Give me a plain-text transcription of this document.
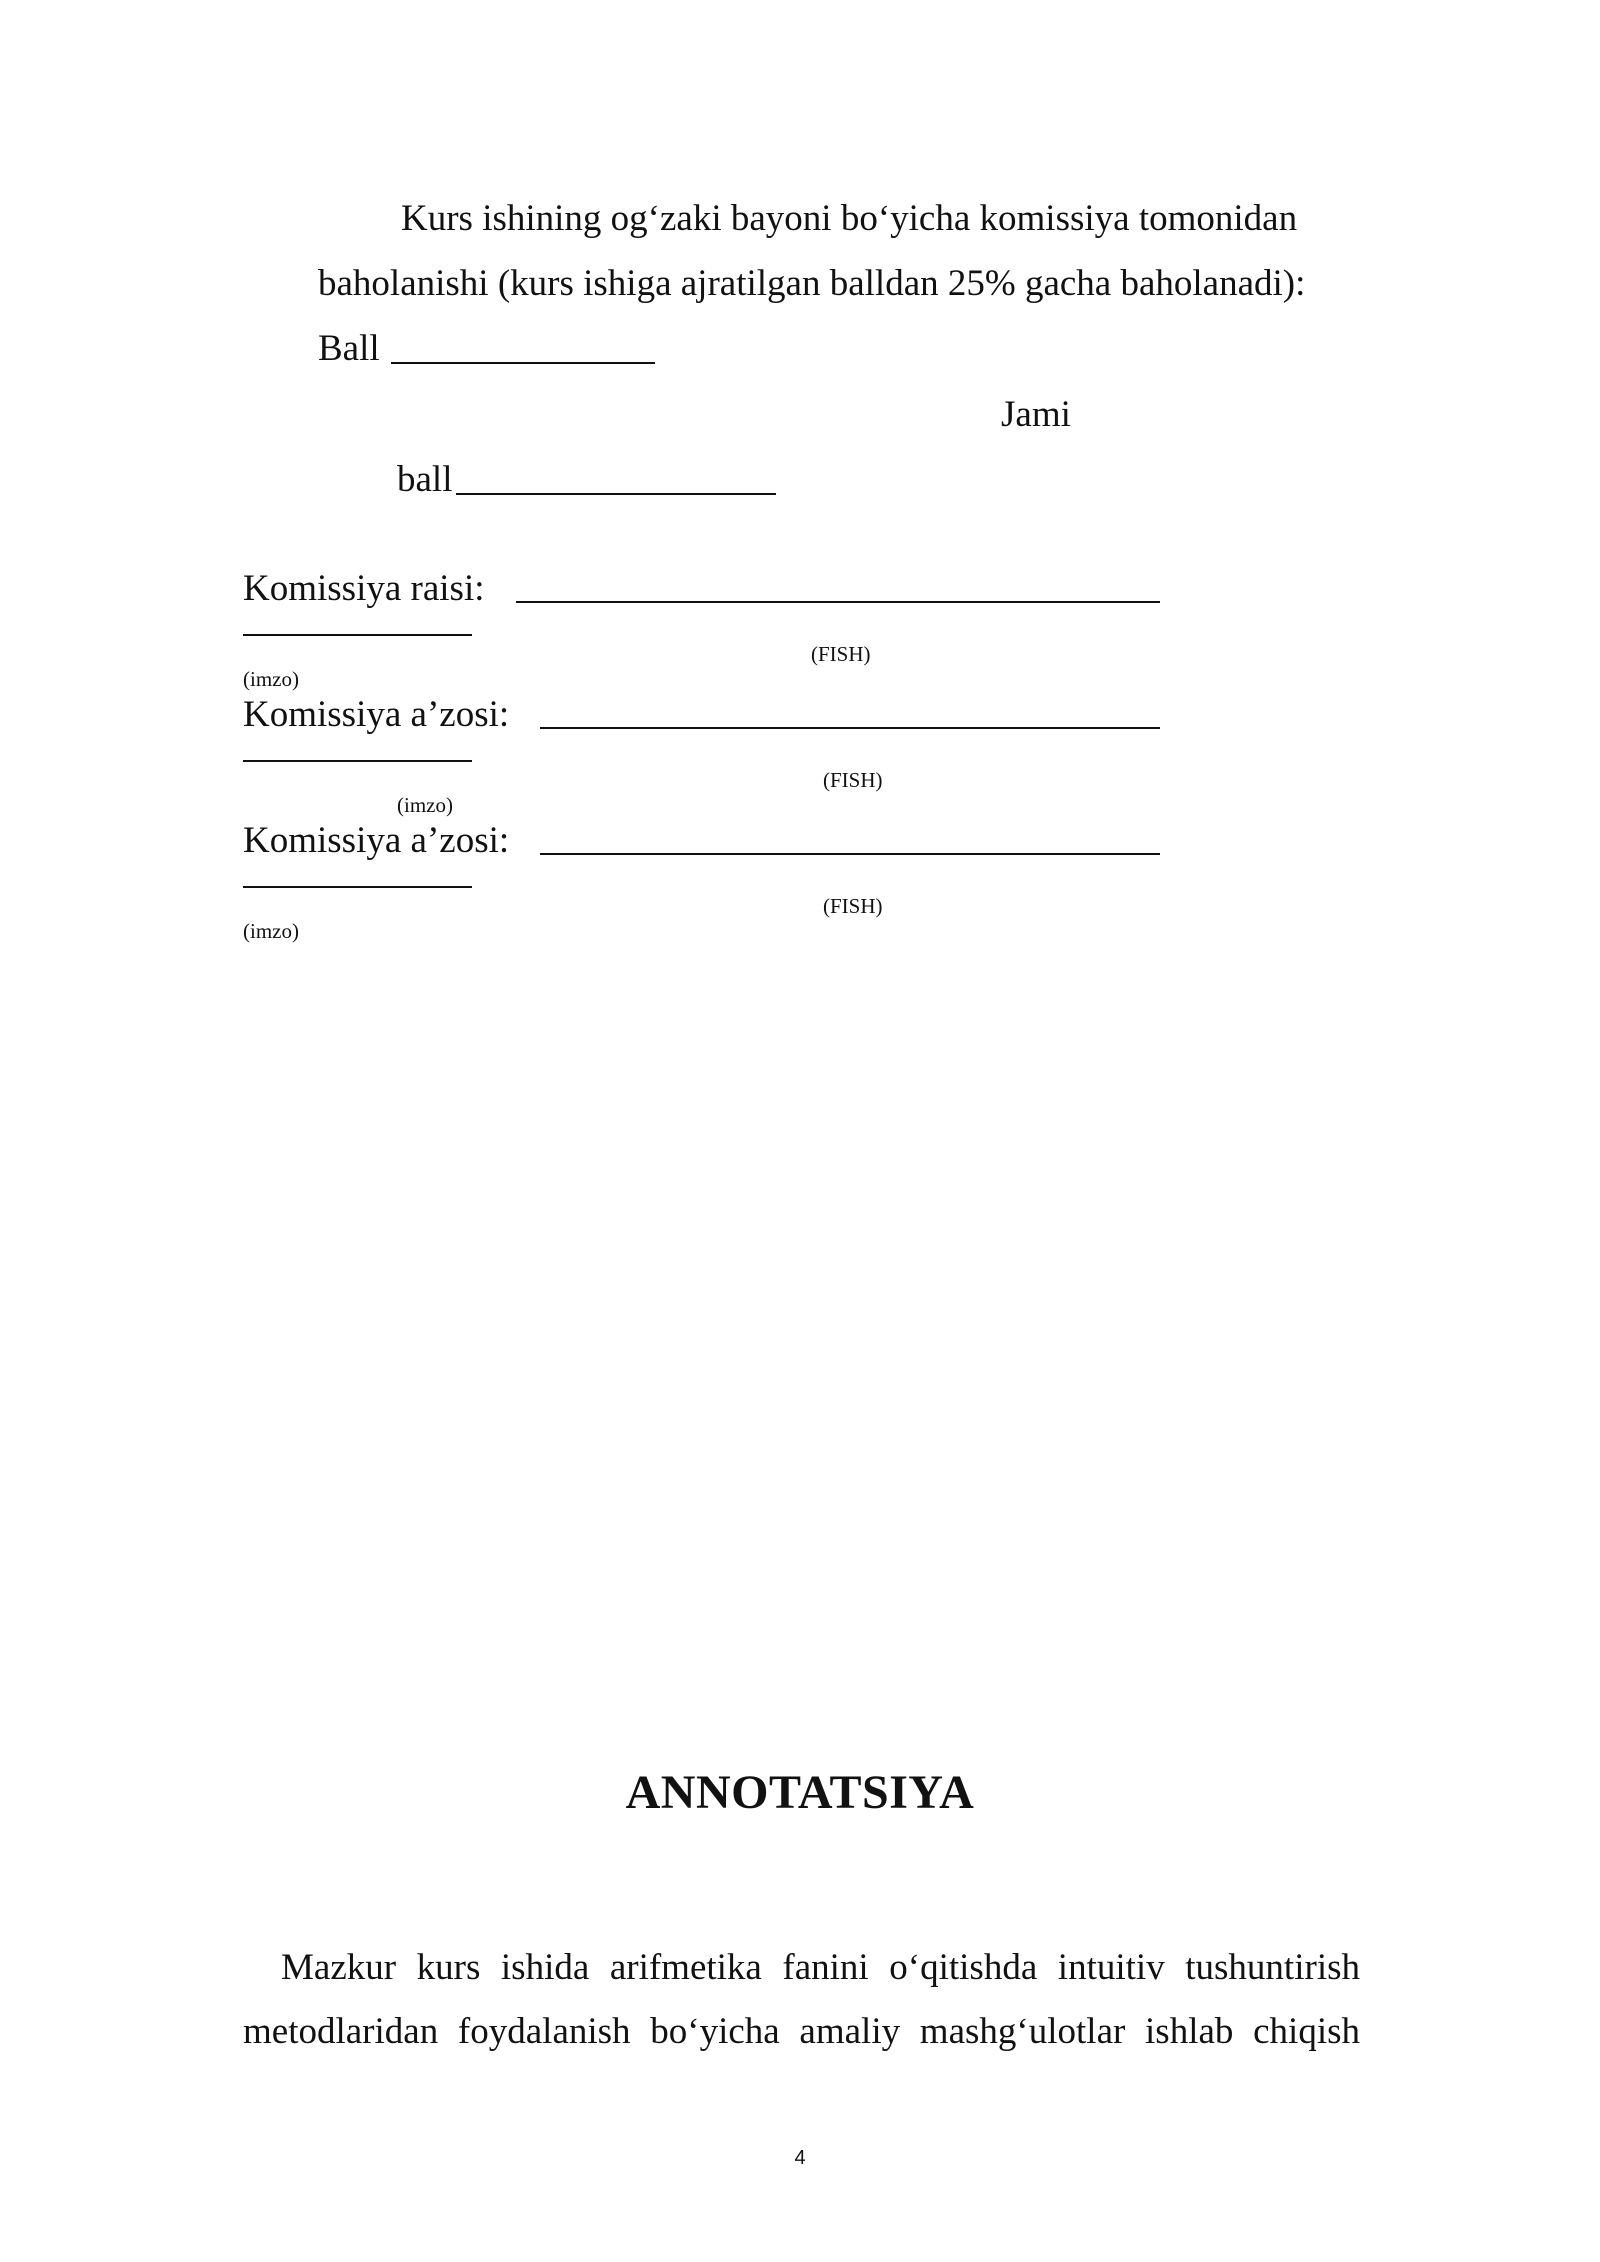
Kurs ishining og‘zaki bayoni bo‘yicha komissiya tomonidan
baholanishi (kurs ishiga ajratilgan balldan 25% gacha baholanadi):
Ball
Jami
ball
Komissiya raisi:
(FISH)
(imzo)
Komissiya a’zosi:
(FISH)
(imzo)
Komissiya a’zosi:
(FISH)
(imzo)
ANNOTATSIYA
Mazkur kurs ishida arifmetika fanini o‘qitishda intuitiv tushuntirish
metodlaridan foydalanish bo‘yicha amaliy mashg‘ulotlar ishlab chiqish
4
